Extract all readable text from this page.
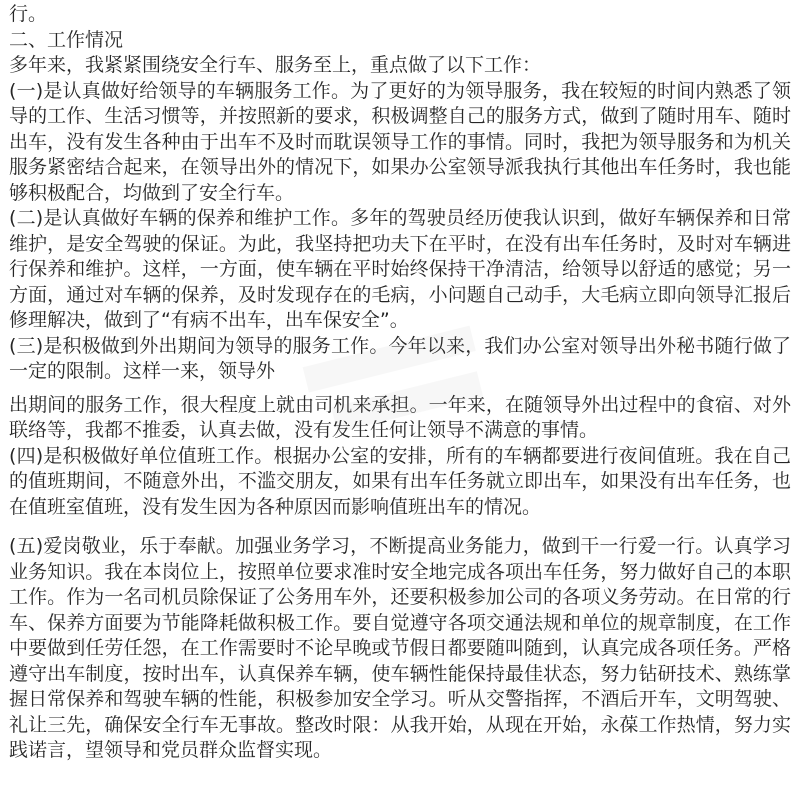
行。

二、工作情况

多年来，我紧紧围绕安全行车、服务至上，重点做了以下工作：

(一)是认真做好给领导的车辆服务工作。为了更好的为领导服务，我在较短的时间内熟悉了领导的工作、生活习惯等，并按照新的要求，积极调整自己的服务方式，做到了随时用车、随时出车，没有发生各种由于出车不及时而耽误领导工作的事情。同时，我把为领导服务和为机关服务紧密结合起来，在领导出外的情况下，如果办公室领导派我执行其他出车任务时，我也能够积极配合，均做到了安全行车。

(二)是认真做好车辆的保养和维护工作。多年的驾驶员经历使我认识到，做好车辆保养和日常维护，是安全驾驶的保证。为此，我坚持把功夫下在平时，在没有出车任务时，及时对车辆进行保养和维护。这样，一方面，使车辆在平时始终保持干净清洁，给领导以舒适的感觉；另一方面，通过对车辆的保养，及时发现存在的毛病，小问题自己动手，大毛病立即向领导汇报后修理解决，做到了“有病不出车，出车保安全”。

(三)是积极做到外出期间为领导的服务工作。今年以来，我们办公室对领导出外秘书随行做了一定的限制。这样一来，领导外

出期间的服务工作，很大程度上就由司机来承担。一年来，在随领导外出过程中的食宿、对外联络等，我都不推委，认真去做，没有发生任何让领导不满意的事情。

(四)是积极做好单位值班工作。根据办公室的安排，所有的车辆都要进行夜间值班。我在自己的值班期间，不随意外出，不滥交朋友，如果有出车任务就立即出车，如果没有出车任务，也在值班室值班，没有发生因为各种原因而影响值班出车的情况。

(五)爱岗敬业，乐于奉献。加强业务学习，不断提高业务能力，做到干一行爱一行。认真学习业务知识。我在本岗位上，按照单位要求准时安全地完成各项出车任务，努力做好自己的本职工作。作为一名司机员除保证了公务用车外，还要积极参加公司的各项义务劳动。在日常的行车、保养方面要为节能降耗做积极工作。要自觉遵守各项交通法规和单位的规章制度，在工作中要做到任劳任怨，在工作需要时不论早晚或节假日都要随叫随到，认真完成各项任务。严格遵守出车制度，按时出车，认真保养车辆，使车辆性能保持最佳状态，努力钻研技术、熟练掌握日常保养和驾驶车辆的性能，积极参加安全学习。听从交警指挥，不酒后开车，文明驾驶、礼让三先，确保安全行车无事故。整改时限：从我开始，从现在开始，永葆工作热情，努力实践诺言，望领导和党员群众监督实现。
